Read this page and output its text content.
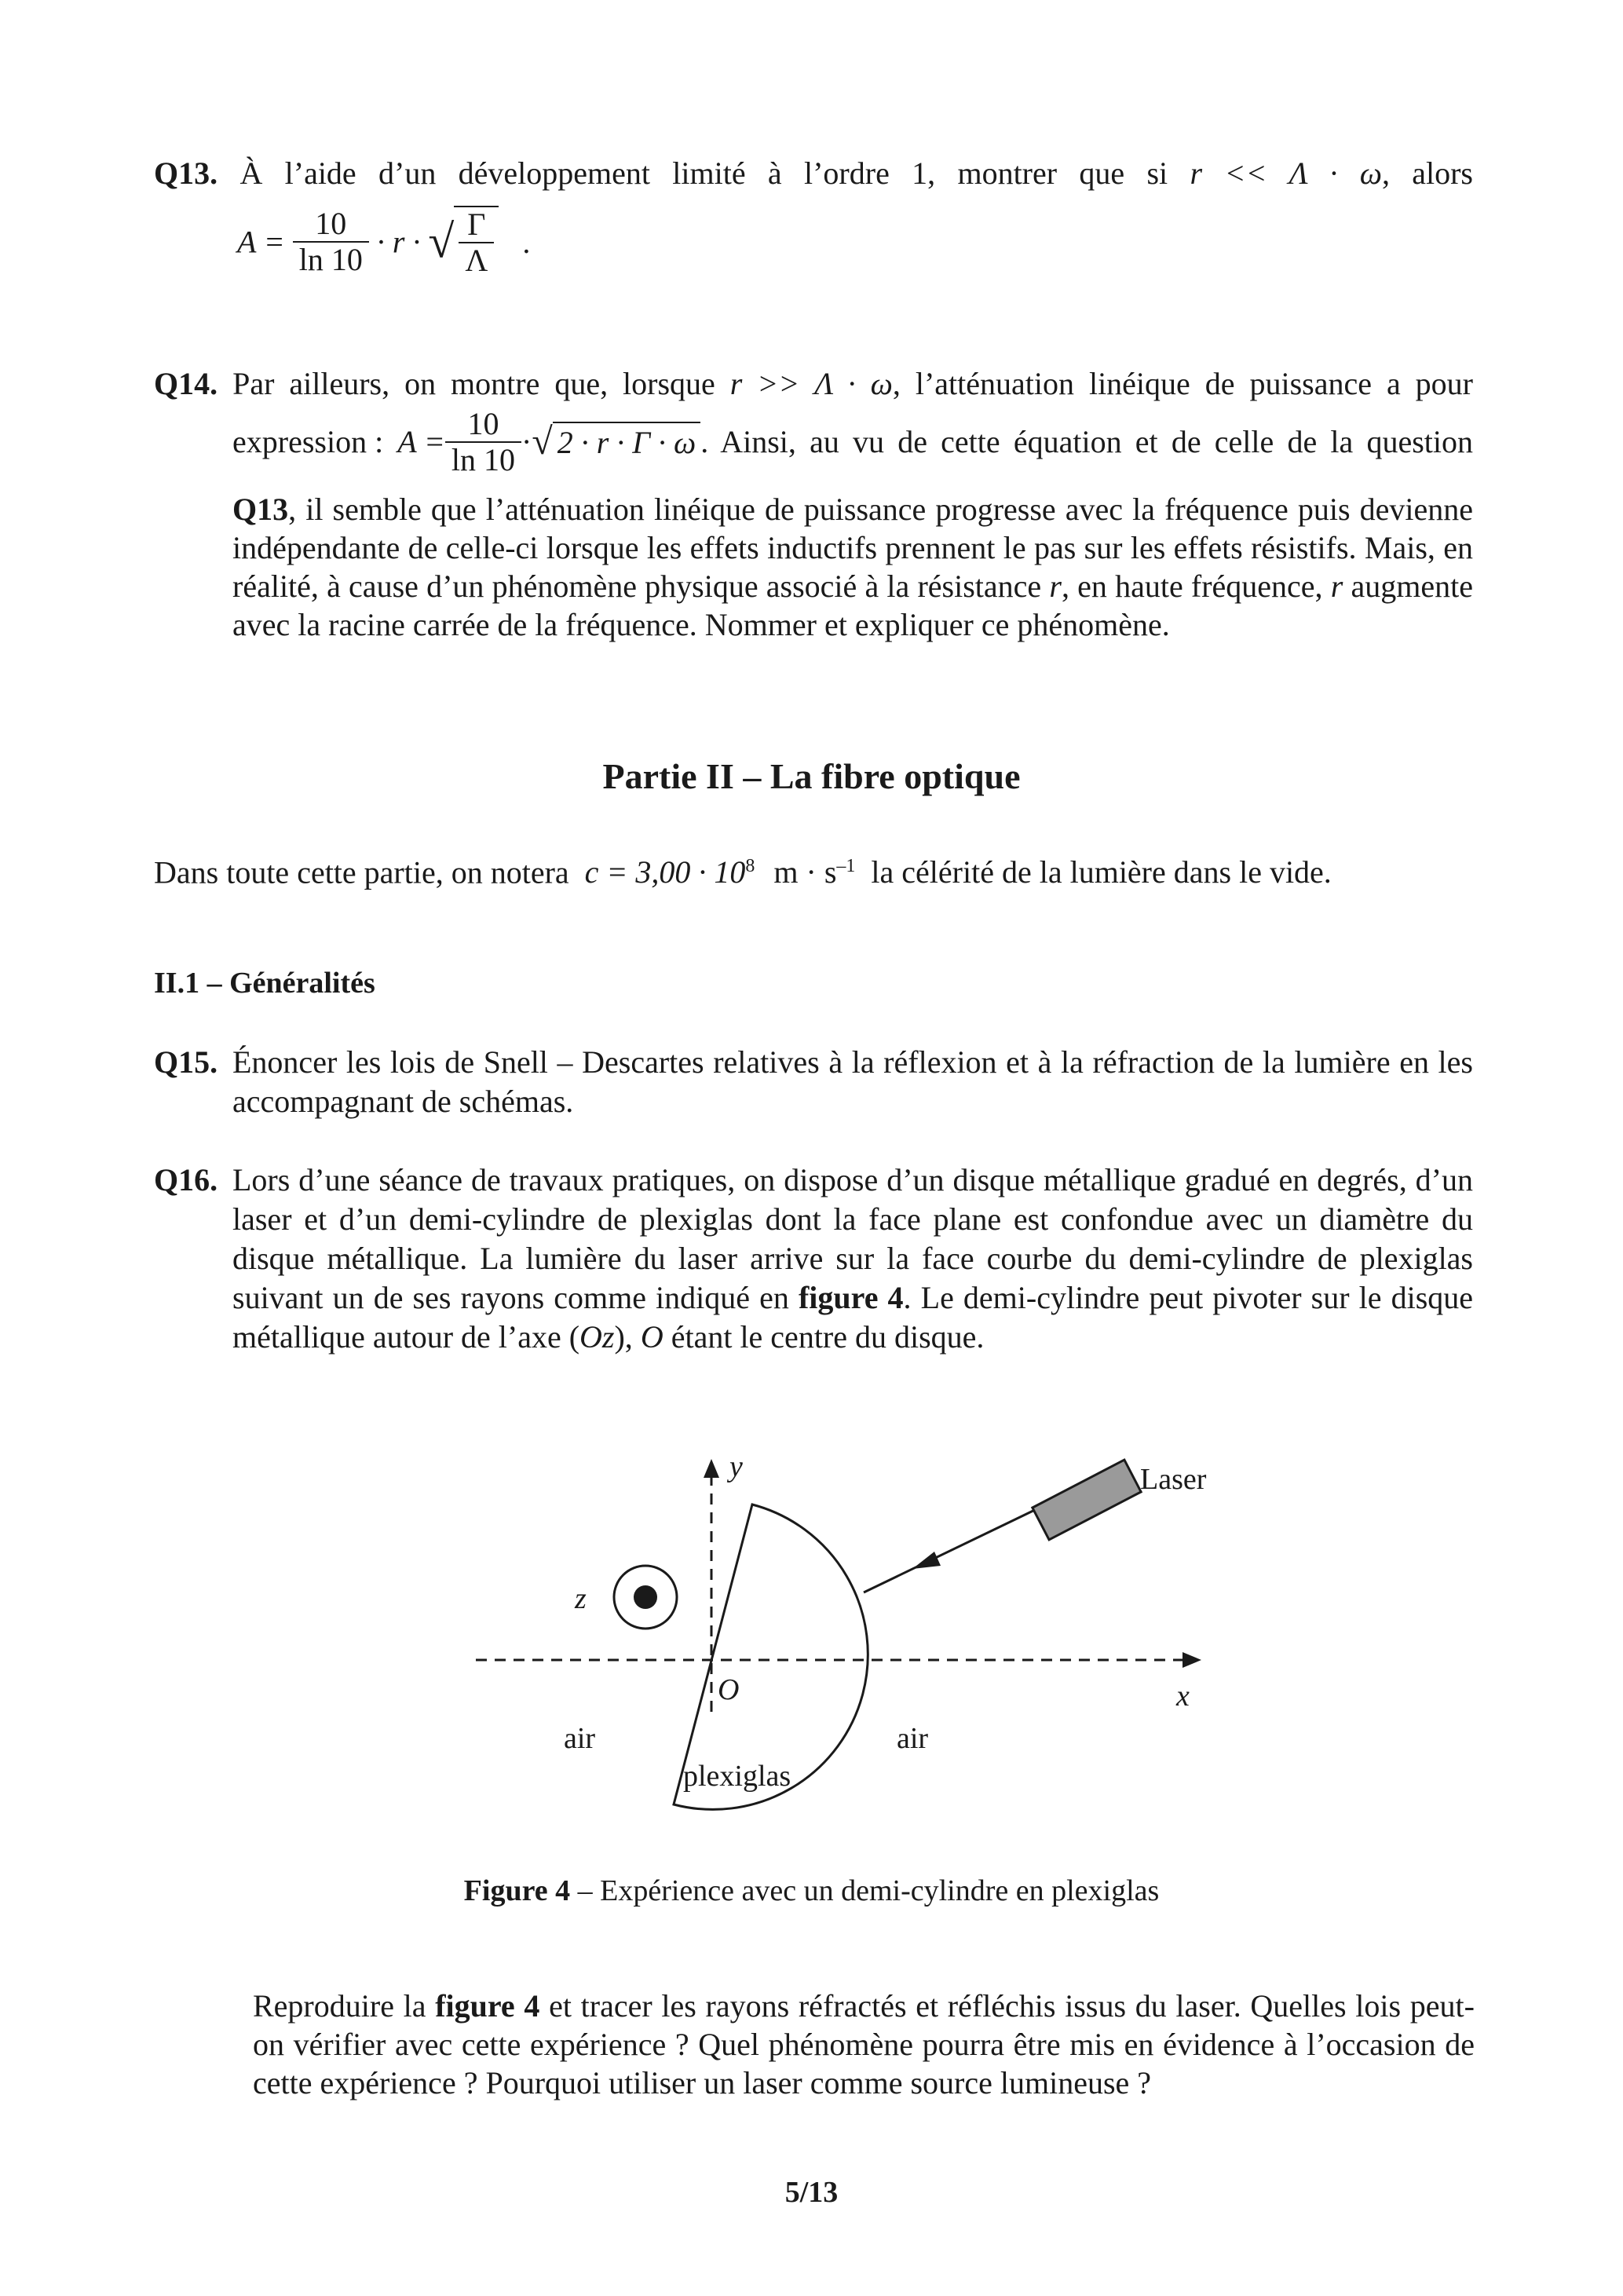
Q13. À l’aide d’un développement limité à l’ordre 1, montrer que si r << Λ · ω, alors
$A = \frac{10}{\ln 10} \cdot r$ · √ $\frac{\Gamma}{\Lambda}$ .
Q14. Par ailleurs, on montre que, lorsque r >> Λ · ω, l’atténuation linéique de puissance a pour
expression : $A = \frac{10}{\ln 10}$ · √ 2 · r · Γ · ω . Ainsi, au vu de cette équation et de celle de la question
Q13, il semble que l’atténuation linéique de puissance progresse avec la fréquence puis devienne indépendante de celle-ci lorsque les effets inductifs prennent le pas sur les effets résistifs. Mais, en réalité, à cause d’un phénomène physique associé à la résistance r, en haute fréquence, r augmente avec la racine carrée de la fréquence. Nommer et expliquer ce phénomène.
Partie II – La fibre optique
Dans toute cette partie, on notera $c = 3,00 \cdot 10^8$ $m \cdot s^{-1}$ la célérité de la lumière dans le vide.
II.1 – Généralités
Q15. Énoncer les lois de Snell – Descartes relatives à la réflexion et à la réfraction de la lumière en les accompagnant de schémas.
Q16. Lors d’une séance de travaux pratiques, on dispose d’un disque métallique gradué en degrés, d’un laser et d’un demi-cylindre de plexiglas dont la face plane est confondue avec un diamètre du disque métallique. La lumière du laser arrive sur la face courbe du demi-cylindre de plexiglas suivant un de ses rayons comme indiqué en figure 4. Le demi-cylindre peut pivoter sur le disque métallique autour de l’axe (Oz), O étant le centre du disque.
y
x
z
O
Laser
air	air
plexiglas
Figure 4 – Expérience avec un demi-cylindre en plexiglas
Reproduire la figure 4 et tracer les rayons réfractés et réfléchis issus du laser. Quelles lois peut-on vérifier avec cette expérience ? Quel phénomène pourra être mis en évidence à l’occasion de cette expérience ? Pourquoi utiliser un laser comme source lumineuse ?
5/13
